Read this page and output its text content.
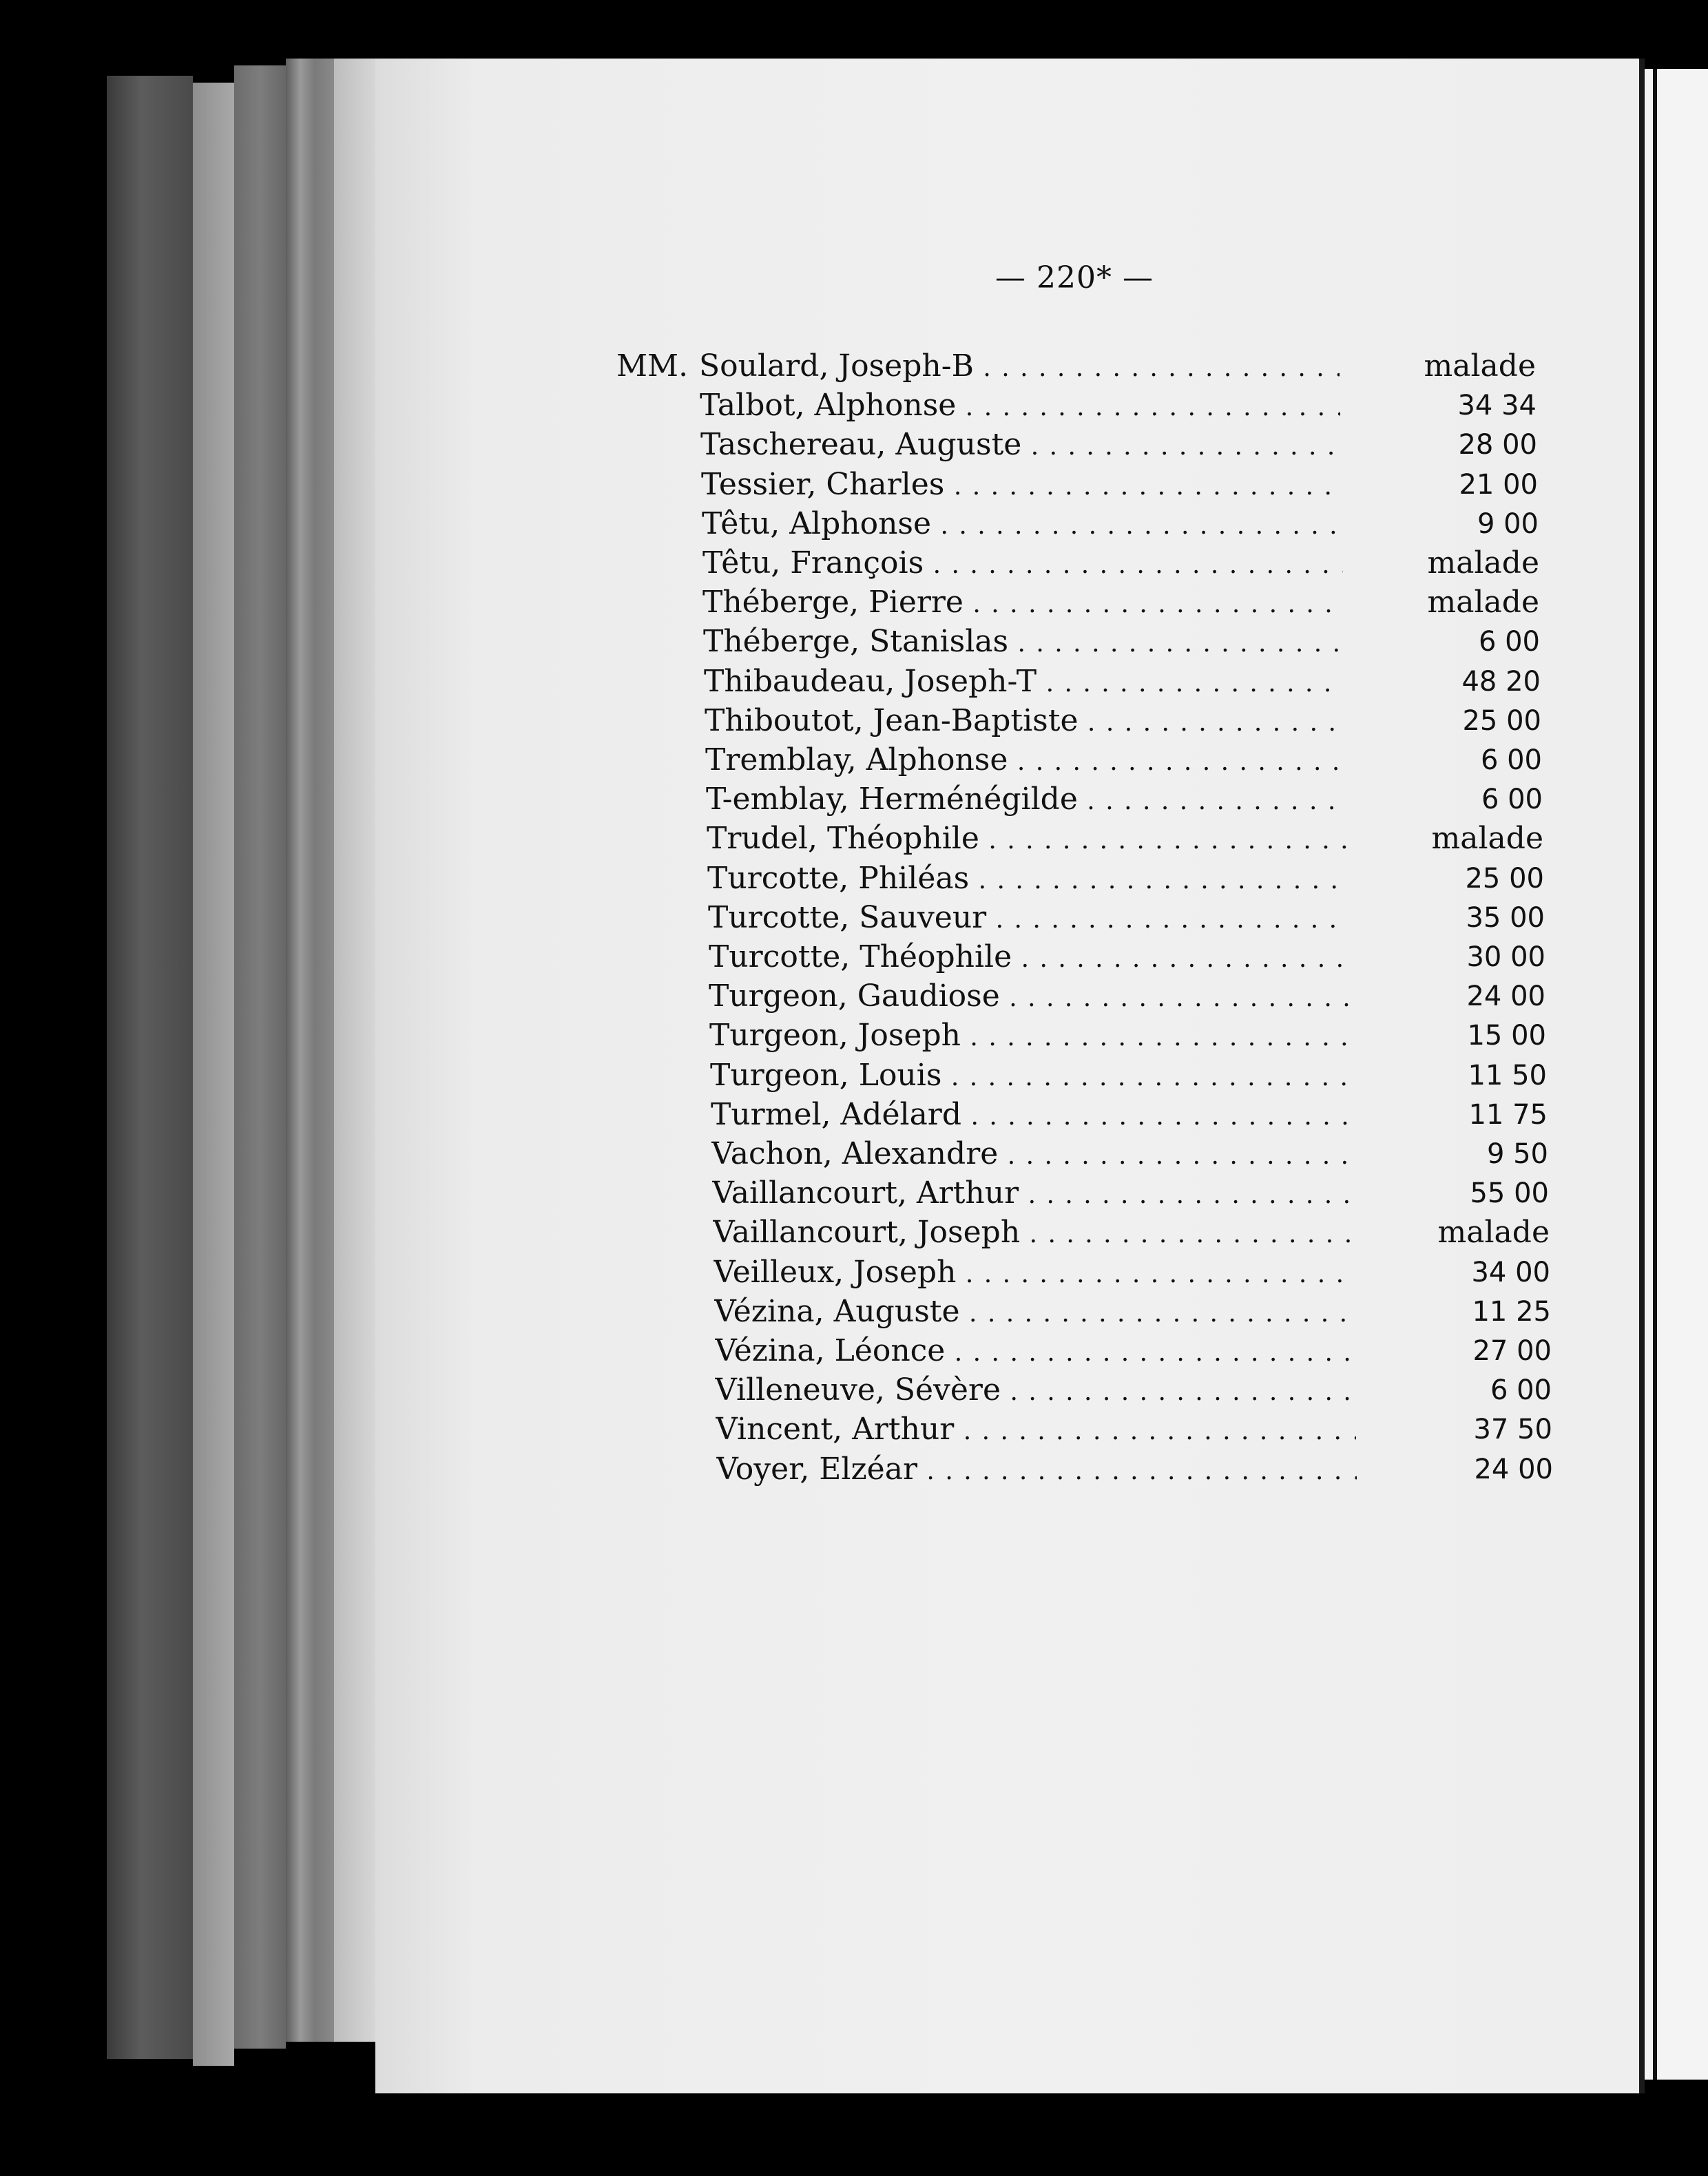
— 220* —
MM. Soulard, Joseph-B . . .	malade
Talbot, Alphonse . . .	34 34
Taschereau, Auguste . . .	28 00
Tessier, Charles . . .	21 00
Têtu, Alphonse . . .	9 00
Têtu, François . . .	malade
Théberge, Pierre . . .	malade
Théberge, Stanislas . . .	6 00
Thibaudeau, Joseph-T . . .	48 20
Thiboutot, Jean-Baptiste . . .	25 00
Tremblay, Alphonse . . .	6 00
T-emblay, Herménégilde . . .	6 00
Trudel, Théophile . . .	malade
Turcotte, Philéas . . .	25 00
Turcotte, Sauveur . . .	35 00
Turcotte, Théophile . . .	30 00
Turgeon, Gaudiose . . .	24 00
Turgeon, Joseph . . .	15 00
Turgeon, Louis . . .	11 50
Turmel, Adélard . . .	11 75
Vachon, Alexandre . . .	9 50
Vaillancourt, Arthur . . .	55 00
Vaillancourt, Joseph . . .	malade
Veilleux, Joseph . . .	34 00
Vézina, Auguste . . .	11 25
Vézina, Léonce . . .	27 00
Villeneuve, Sévère . . .	6 00
Vincent, Arthur . . .	37 50
Voyer, Elzéar . . .	24 00
